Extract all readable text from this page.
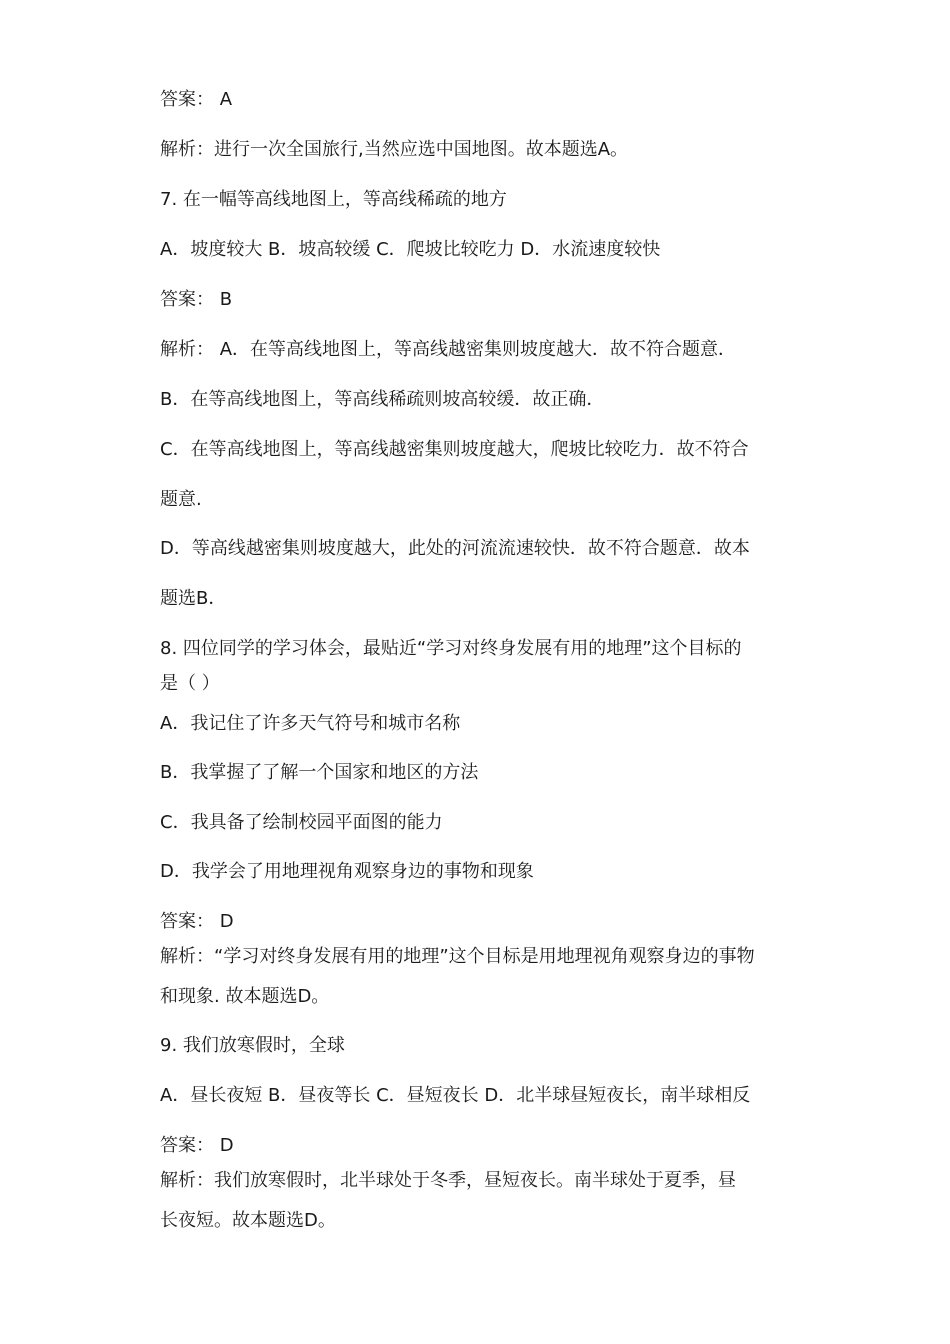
答案： A
解析：进行一次全国旅行,当然应选中国地图。故本题选A。
7. 在一幅等高线地图上，等高线稀疏的地方
A．坡度较大 B．坡高较缓 C．爬坡比较吃力 D．水流速度较快
答案： B
解析： A．在等高线地图上，等高线越密集则坡度越大．故不符合题意．
B．在等高线地图上，等高线稀疏则坡高较缓．故正确．
C．在等高线地图上，等高线越密集则坡度越大，爬坡比较吃力．故不符合
题意.
D．等高线越密集则坡度越大，此处的河流流速较快．故不符合题意．故本
题选B．
8. 四位同学的学习体会，最贴近“学习对终身发展有用的地理”这个目标的
是（ ）
A．我记住了许多天气符号和城市名称
B．我掌握了了解一个国家和地区的方法
C．我具备了绘制校园平面图的能力
D．我学会了用地理视角观察身边的事物和现象
答案： D
解析：“学习对终身发展有用的地理”这个目标是用地理视角观察身边的事物
和现象. 故本题选D。
9. 我们放寒假时，全球
A．昼长夜短 B．昼夜等长 C．昼短夜长 D．北半球昼短夜长，南半球相反
答案： D
解析：我们放寒假时，北半球处于冬季，昼短夜长。南半球处于夏季，昼
长夜短。故本题选D。
